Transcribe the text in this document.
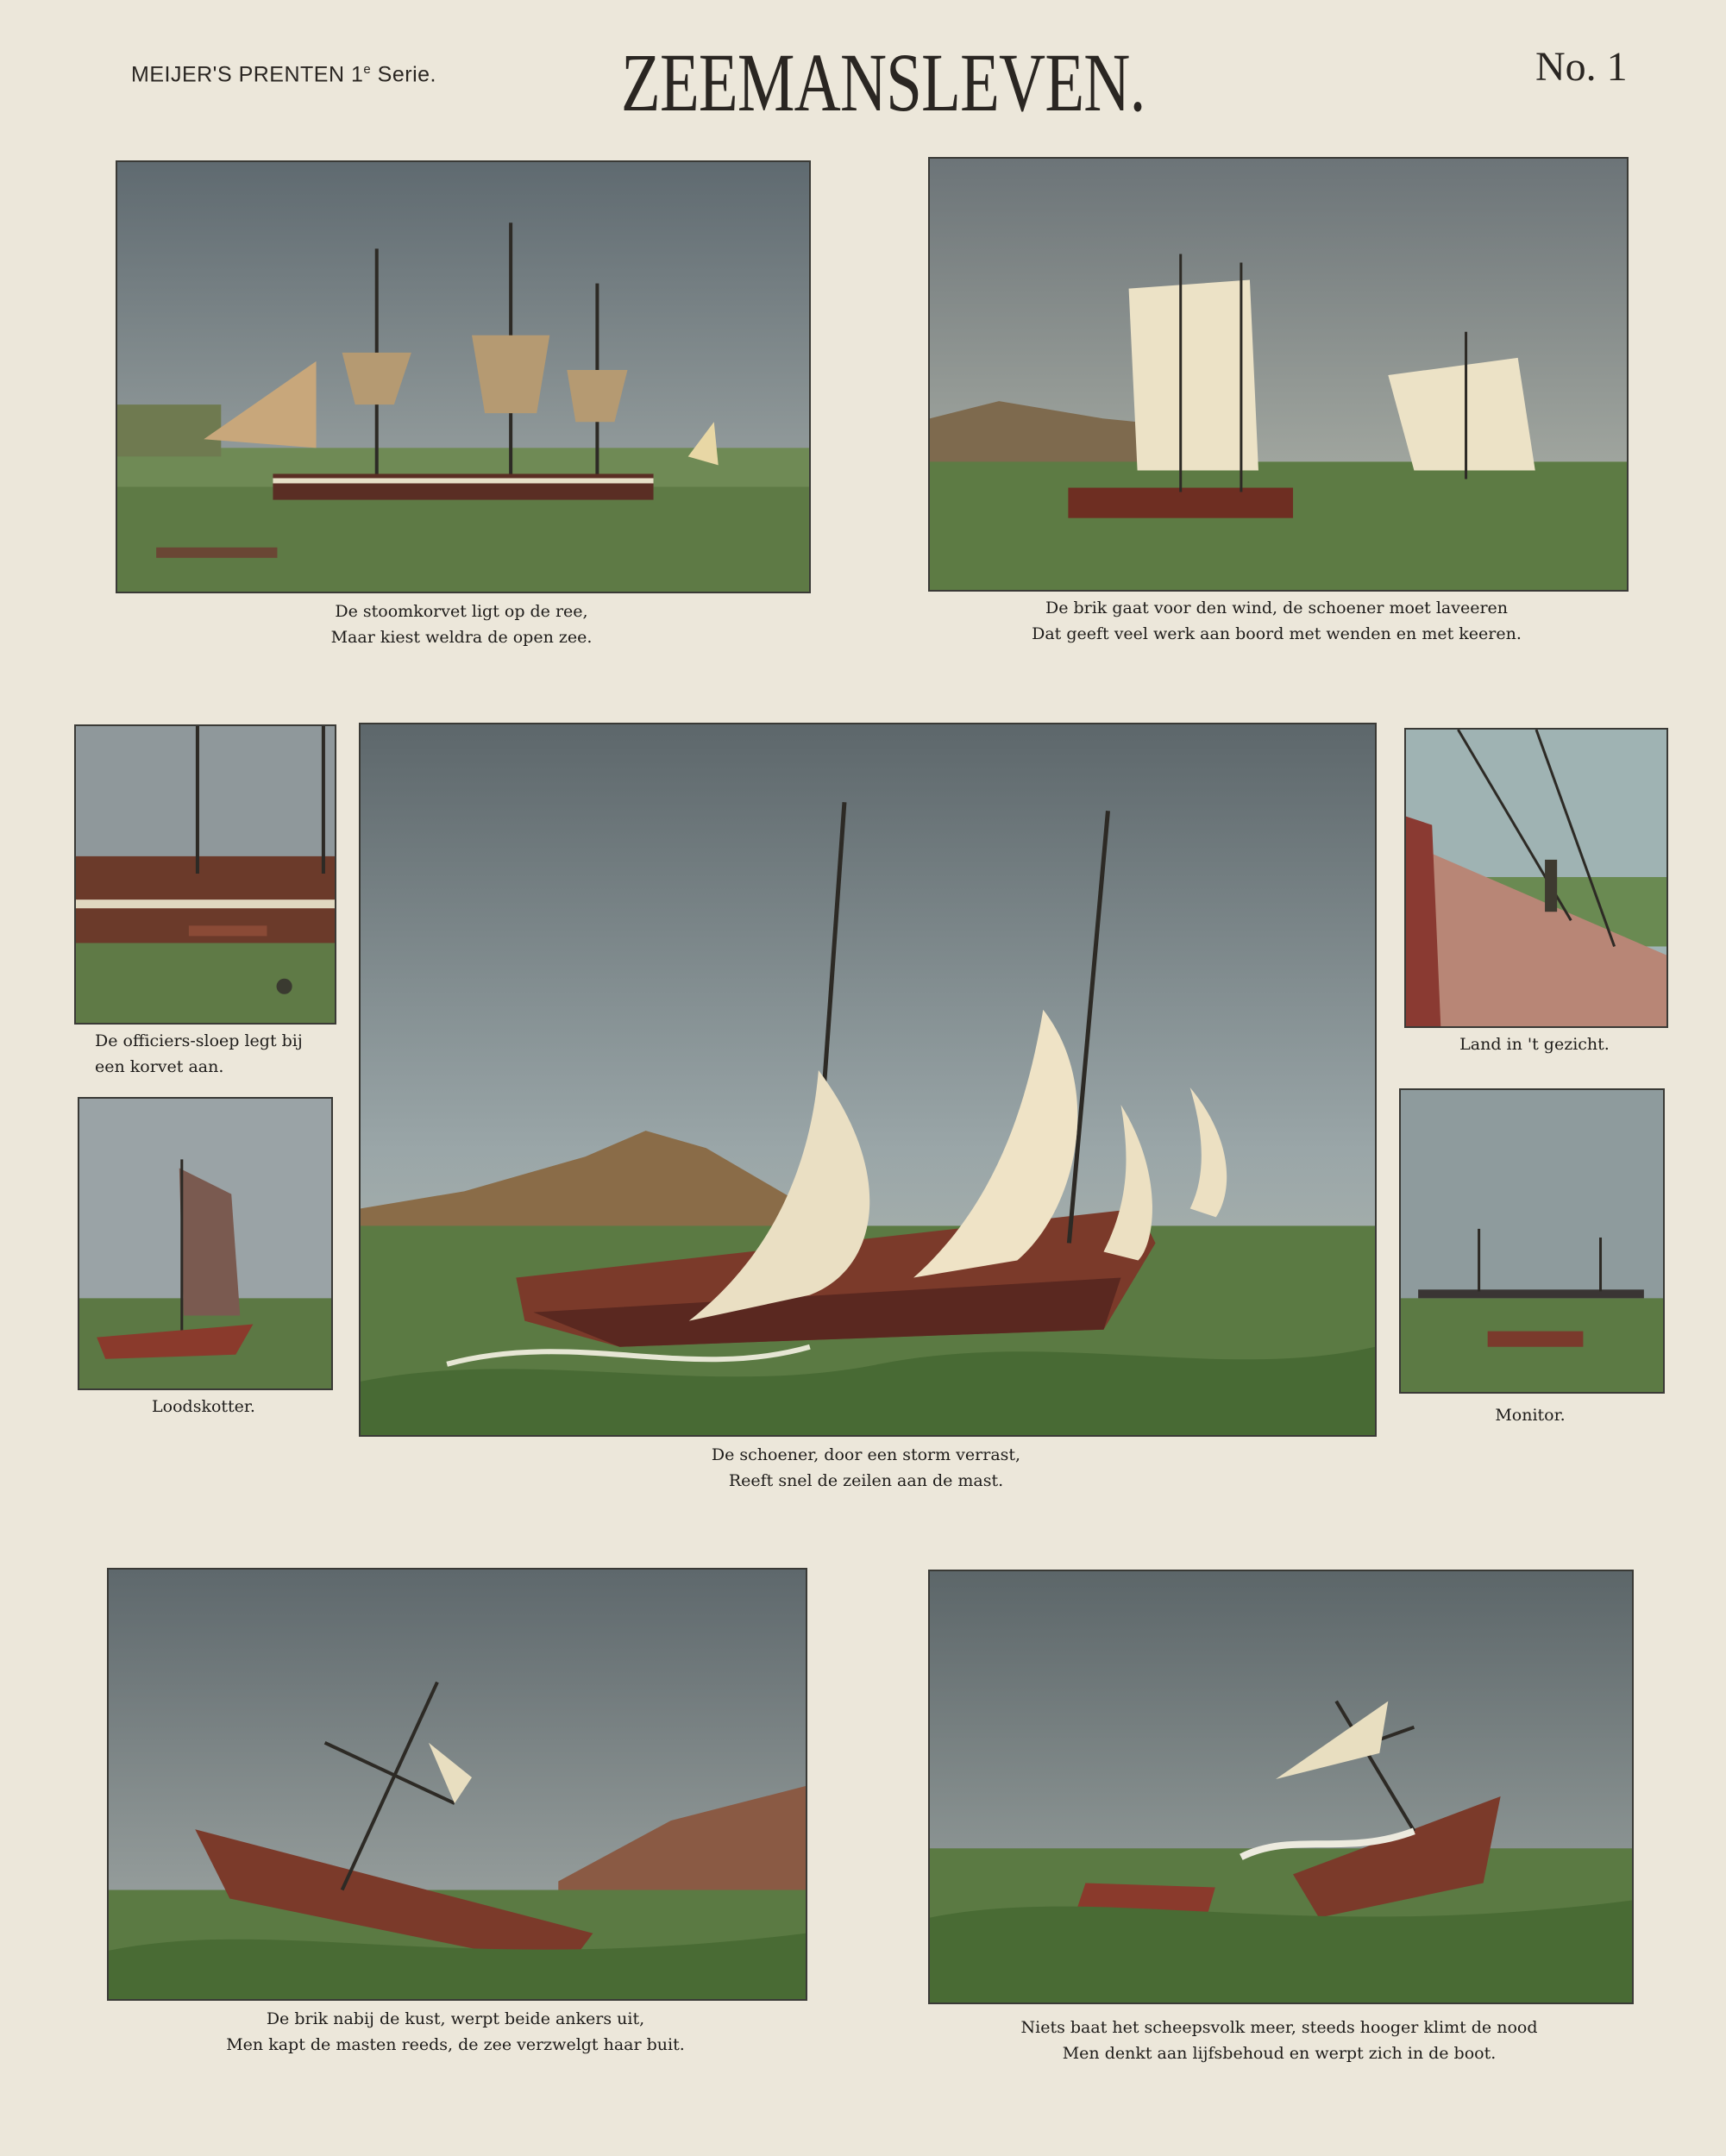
MEIJER'S PRENTEN 1e Serie. ZEEMANSLEVEN.	No. 1
De stoomkorvet ligt op de ree,
Maar kiest weldra de open zee.
De brik gaat voor den wind, de schoener moet laveeren
Dat geeft veel werk aan boord met wenden en met keeren.
De officiers-sloep legt bij
een korvet aan.
Loodskotter.
De schoener, door een storm verrast,
Reeft snel de zeilen aan de mast.
Land in 't gezicht.
Monitor.
De brik nabij de kust, werpt beide ankers uit,
Men kapt de masten reeds, de zee verzwelgt haar buit.
Niets baat het scheepsvolk meer, steeds hooger klimt de nood
Men denkt aan lijfsbehoud en werpt zich in de boot.
